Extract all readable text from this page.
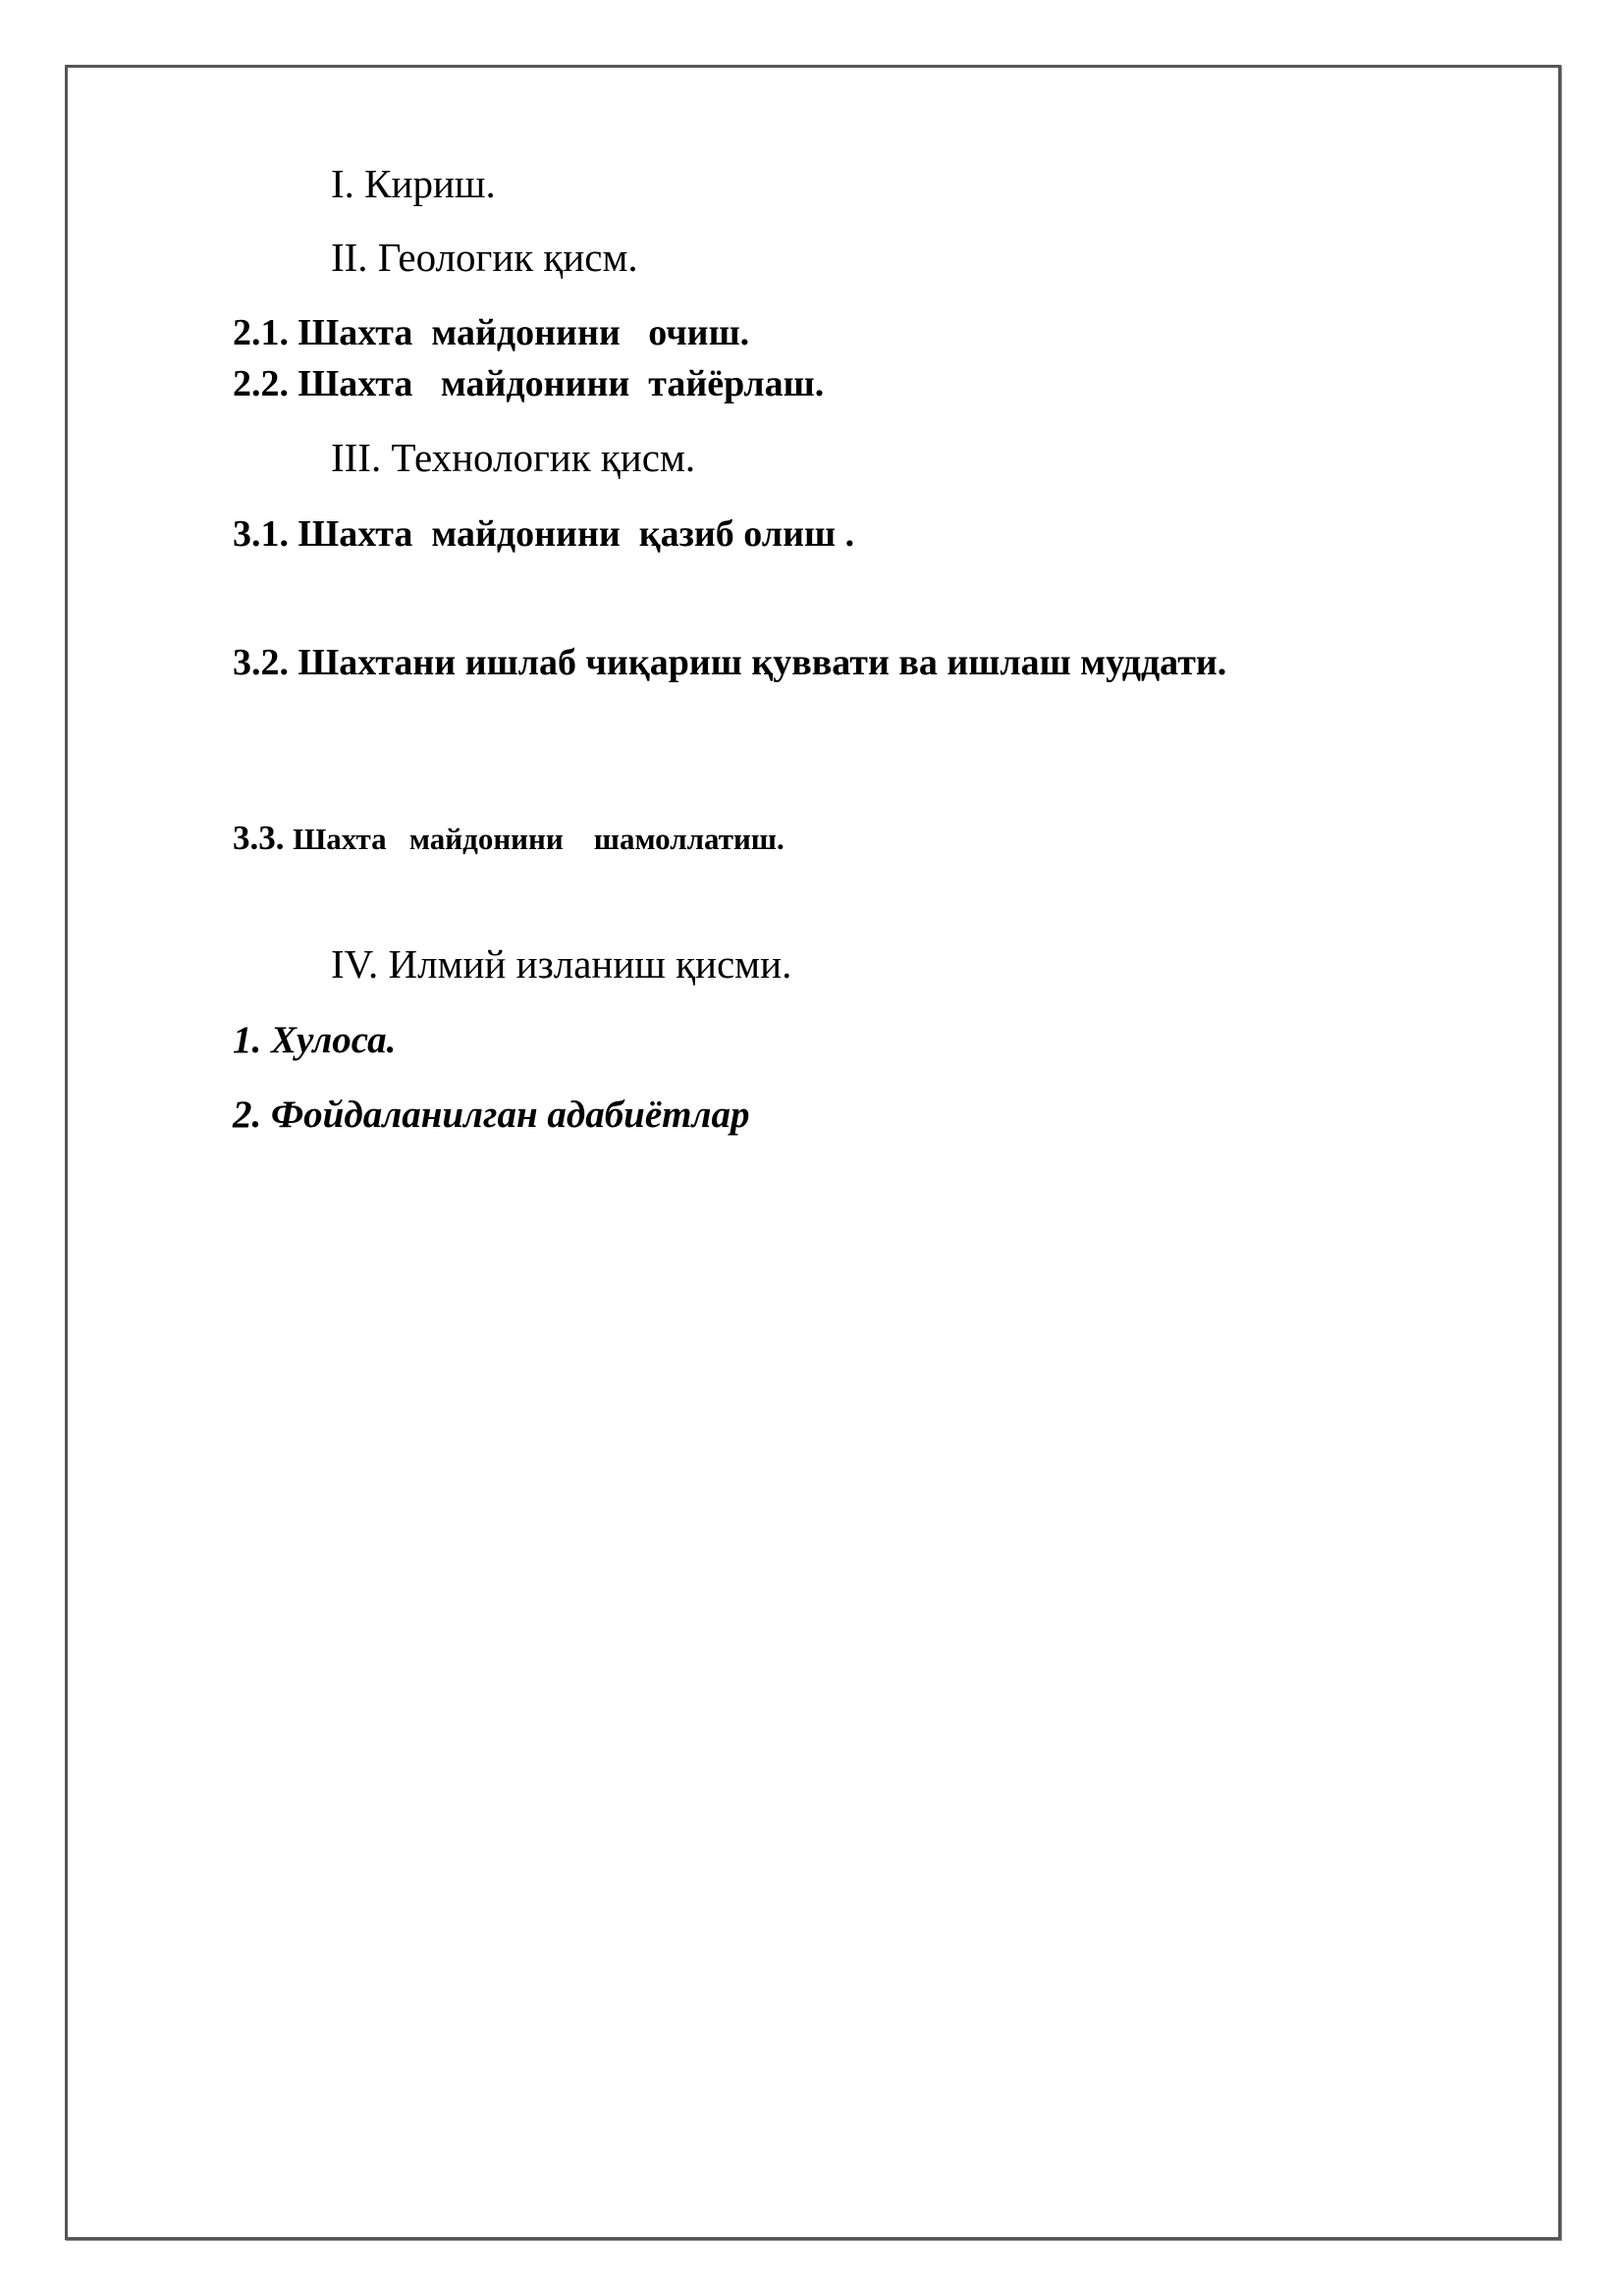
I. Кириш.
II. Геологик қисм.
2.1. Шахта  майдонини   очиш.
2.2. Шахта   майдонини  тайёрлаш.
III. Технологик қисм.
3.1. Шахта  майдонини  қазиб олиш .
3.2. Шахтани ишлаб чиқариш қуввати ва ишлаш муддати.
3.3. Шахта   майдонини    шамоллатиш.
IV. Илмий изланиш қисми.
1. Хулоса.
2. Фойдаланилган адабиётлар
